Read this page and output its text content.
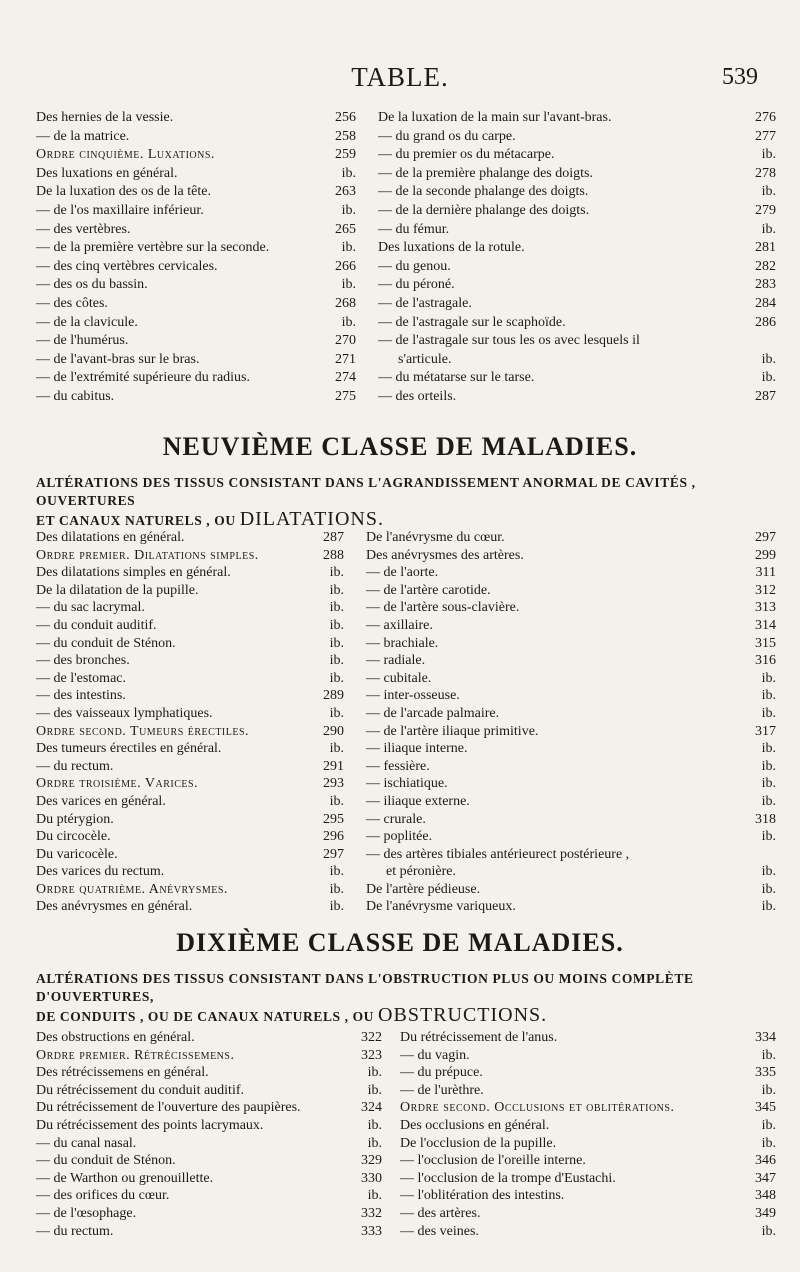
TABLE.	539
Des hernies de la vessie.	256
— de la matrice.	258
Ordre cinquième. Luxations.	259
Des luxations en général.	ib.
De la luxation des os de la tête.	263
— de l'os maxillaire inférieur.	ib.
— des vertèbres.	265
— de la première vertèbre sur la seconde.	ib.
— des cinq vertèbres cervicales.	266
— des os du bassin.	ib.
— des côtes.	268
— de la clavicule.	ib.
— de l'humérus.	270
— de l'avant-bras sur le bras.	271
— de l'extrémité supérieure du radius.	274
— du cabitus.	275
De la luxation de la main sur l'avant-bras.	276
— du grand os du carpe.	277
— du premier os du métacarpe.	ib.
— de la première phalange des doigts.	278
— de la seconde phalange des doigts.	ib.
— de la dernière phalange des doigts.	279
— du fémur.	ib.
Des luxations de la rotule.	281
— du genou.	282
— du péroné.	283
— de l'astragale.	284
— de l'astragale sur le scaphoïde.	286
— de l'astragale sur tous les os avec lesquels il
s'articule.	ib.
— du métatarse sur le tarse.	ib.
— des orteils.	287
NEUVIÈME CLASSE DE MALADIES.
ALTÉRATIONS DES TISSUS CONSISTANT DANS L'AGRANDISSEMENT ANORMAL DE CAVITÉS , OUVERTURES
ET CANAUX NATURELS , OU DILATATIONS.
Des dilatations en général.	287
Ordre premier. Dilatations simples.	288
Des dilatations simples en général.	ib.
De la dilatation de la pupille.	ib.
— du sac lacrymal.	ib.
— du conduit auditif.	ib.
— du conduit de Sténon.	ib.
— des bronches.	ib.
— de l'estomac.	ib.
— des intestins.	289
— des vaisseaux lymphatiques.	ib.
Ordre second. Tumeurs érectiles.	290
Des tumeurs érectiles en général.	ib.
— du rectum.	291
Ordre troisième. Varices.	293
Des varices en général.	ib.
Du ptérygion.	295
Du circocèle.	296
Du varicocèle.	297
Des varices du rectum.	ib.
Ordre quatrième. Anévrysmes.	ib.
Des anévrysmes en général.	ib.
De l'anévrysme du cœur.	297
Des anévrysmes des artères.	299
— de l'aorte.	311
— de l'artère carotide.	312
— de l'artère sous-clavière.	313
— axillaire.	314
— brachiale.	315
— radiale.	316
— cubitale.	ib.
— inter-osseuse.	ib.
— de l'arcade palmaire.	ib.
— de l'artère iliaque primitive.	317
— iliaque interne.	ib.
— fessière.	ib.
— ischiatique.	ib.
— iliaque externe.	ib.
— crurale.	318
— poplitée.	ib.
— des artères tibiales antérieurect postérieure ,
et péronière.	ib.
De l'artère pédieuse.	ib.
De l'anévrysme variqueux.	ib.
DIXIÈME CLASSE DE MALADIES.
ALTÉRATIONS DES TISSUS CONSISTANT DANS L'OBSTRUCTION PLUS OU MOINS COMPLÈTE D'OUVERTURES,
DE CONDUITS , OU DE CANAUX NATURELS , OU OBSTRUCTIONS.
Des obstructions en général.	322
Ordre premier. Rétrécissemens.	323
Des rétrécissemens en général.	ib.
Du rétrécissement du conduit auditif.	ib.
Du rétrécissement de l'ouverture des paupières.	324
Du rétrécissement des points lacrymaux.	ib.
— du canal nasal.	ib.
— du conduit de Sténon.	329
— de Warthon ou grenouillette.	330
— des orifices du cœur.	ib.
— de l'œsophage.	332
— du rectum.	333
Du rétrécissement de l'anus.	334
— du vagin.	ib.
— du prépuce.	335
— de l'urèthre.	ib.
Ordre second. Occlusions et oblitérations.	345
Des occlusions en général.	ib.
De l'occlusion de la pupille.	ib.
— l'occlusion de l'oreille interne.	346
— l'occlusion de la trompe d'Eustachi.	347
— l'oblitération des intestins.	348
— des artères.	349
— des veines.	ib.
